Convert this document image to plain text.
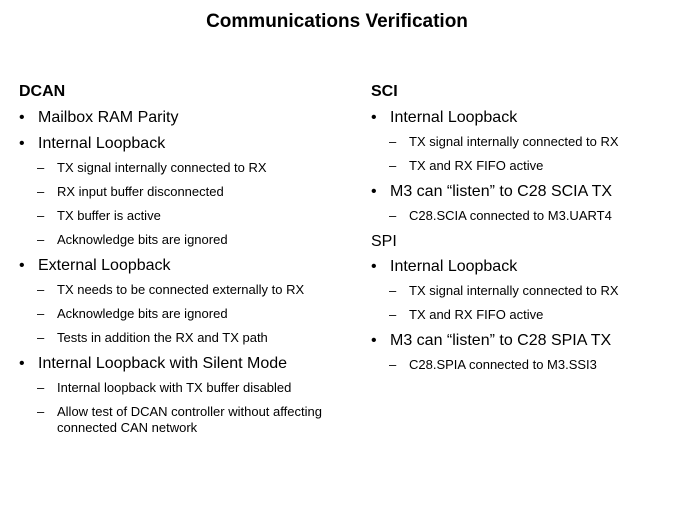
Communications Verification
DCAN
• Mailbox RAM Parity
• Internal Loopback
– TX signal internally connected to RX
– RX input buffer disconnected
– TX buffer is active
– Acknowledge bits are ignored
• External Loopback
– TX needs to be connected externally to RX
– Acknowledge bits are ignored
– Tests in addition the RX and TX path
• Internal Loopback with Silent Mode
– Internal loopback with TX buffer disabled
– Allow test of DCAN controller without affecting connected CAN network
SCI
• Internal Loopback
– TX signal internally connected to RX
– TX and RX FIFO active
• M3 can “listen” to C28 SCIA TX
– C28.SCIA connected to M3.UART4
SPI
• Internal Loopback
– TX signal internally connected to RX
– TX and RX FIFO active
• M3 can “listen” to C28 SPIA TX
– C28.SPIA connected to M3.SSI3
